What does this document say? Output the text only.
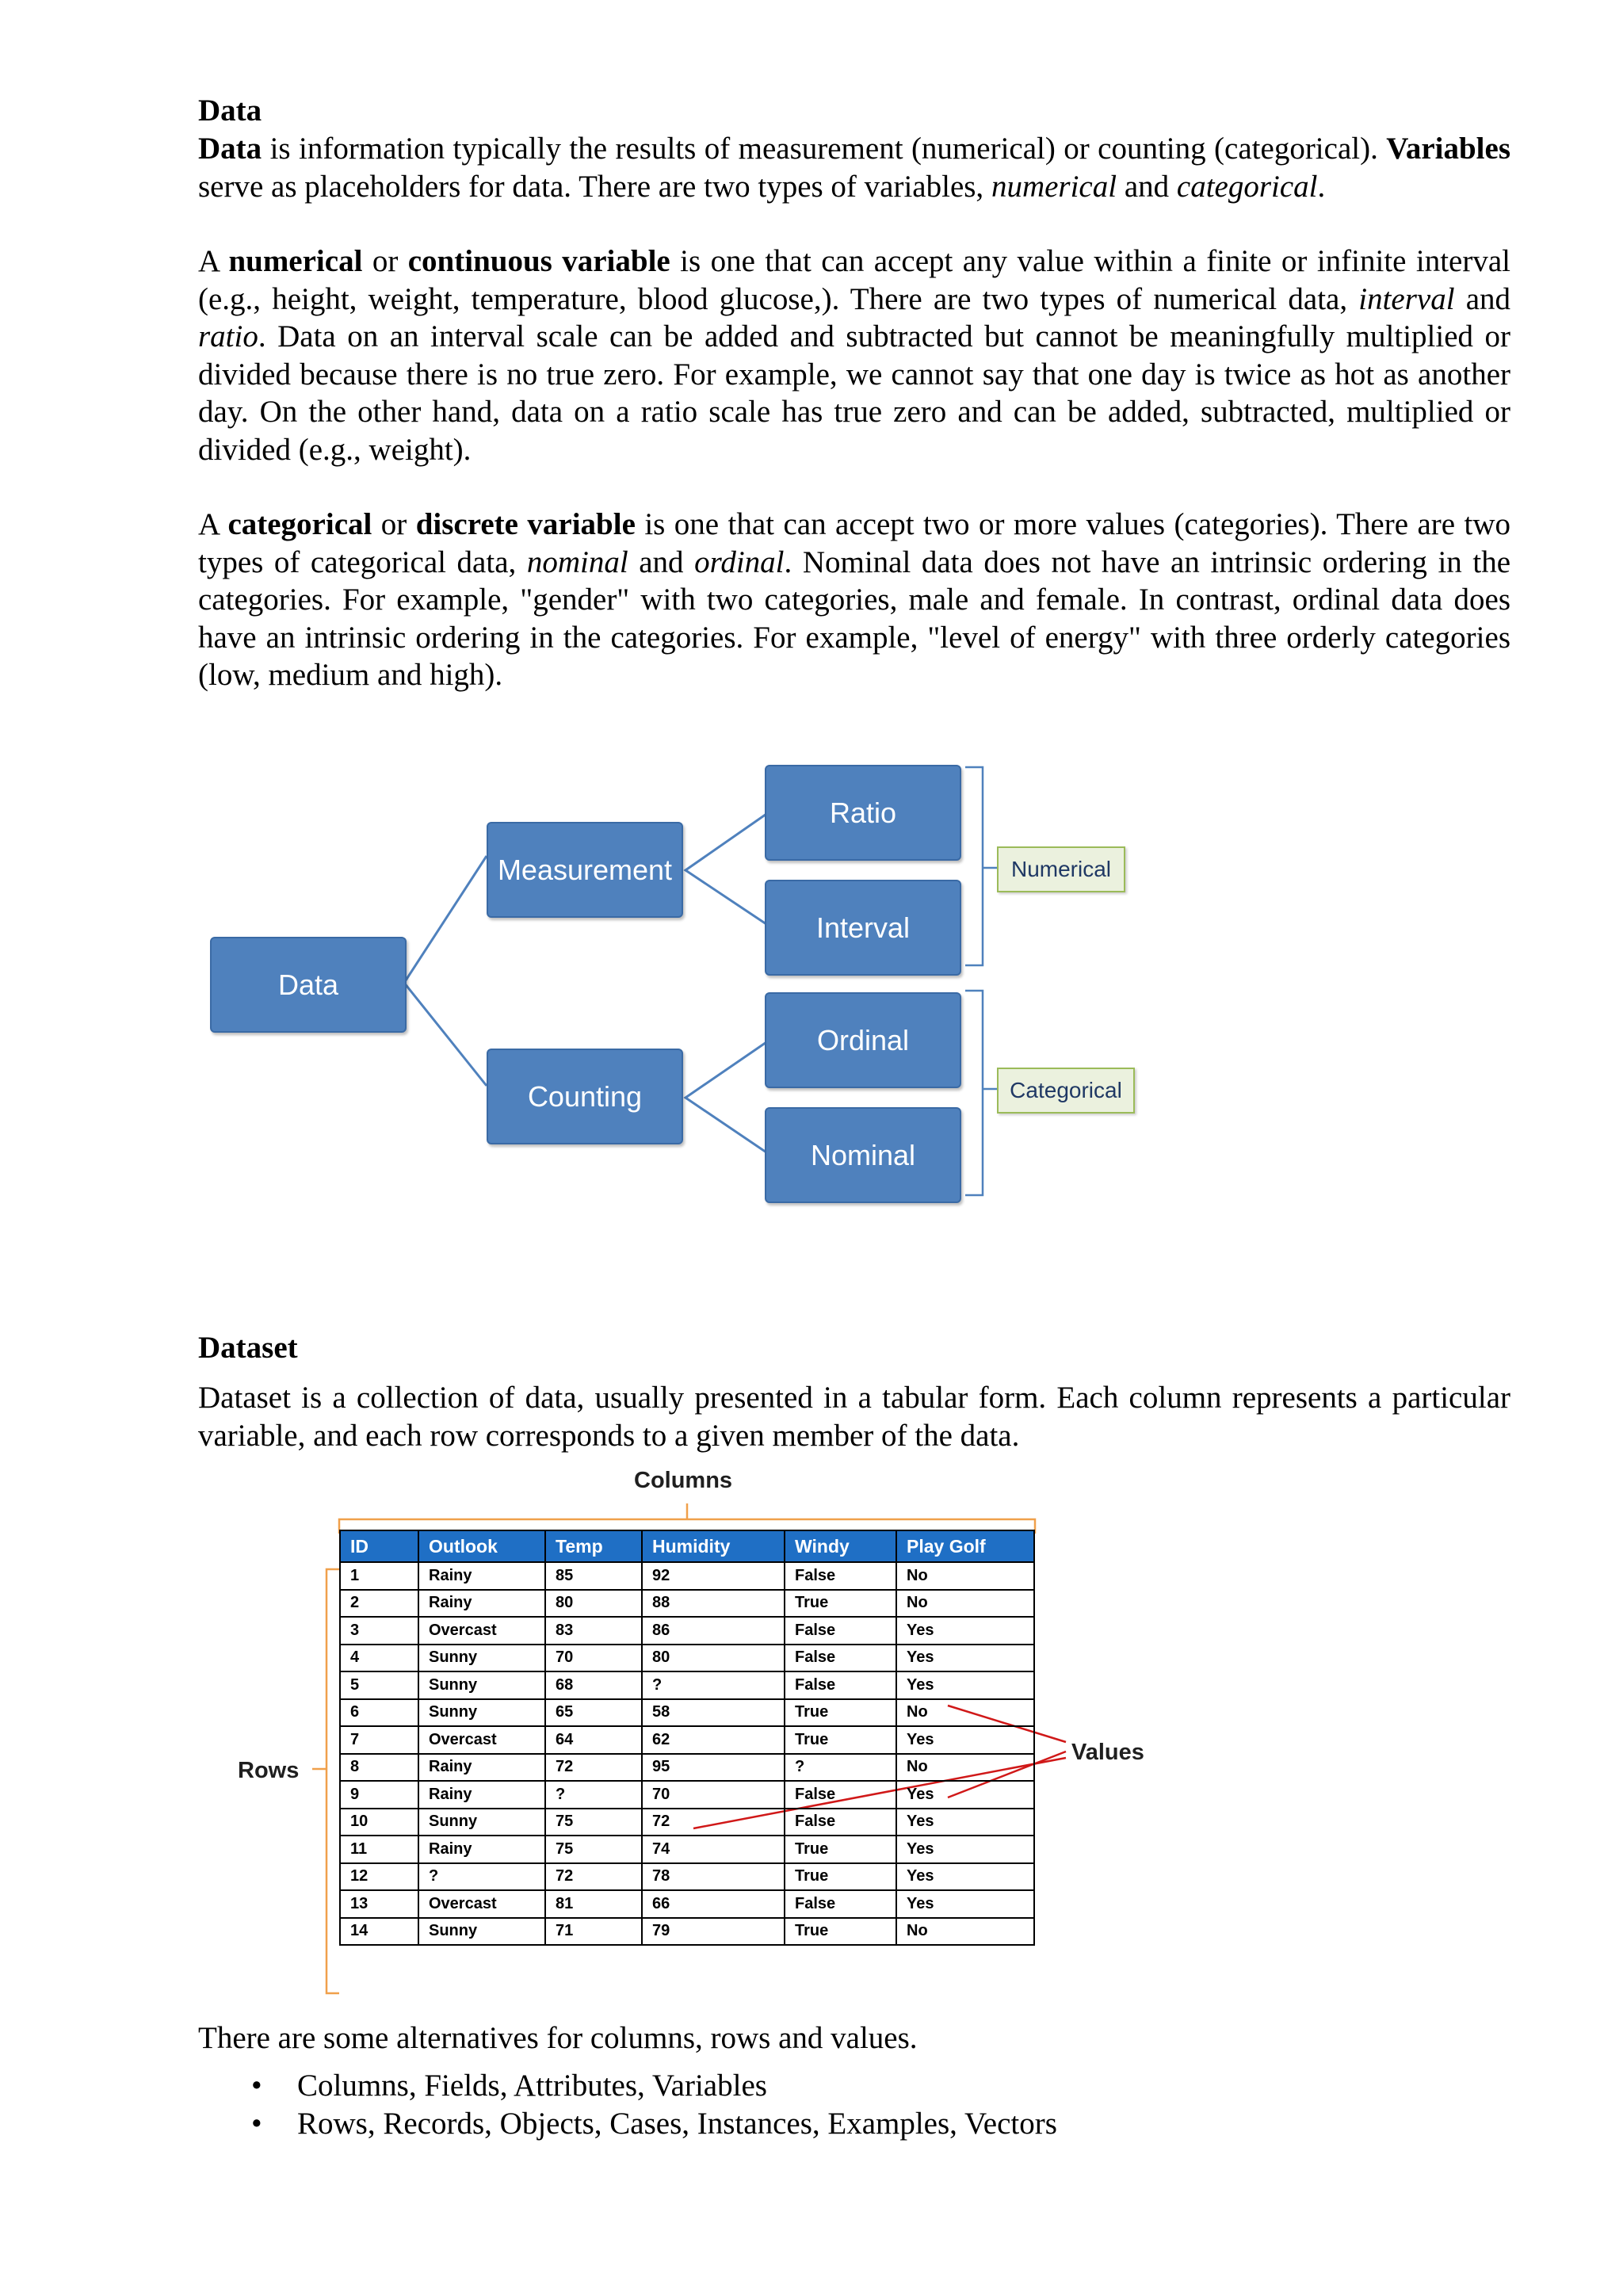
Data

Data is information typically the results of measurement (numerical) or counting (categorical). Variables serve as placeholders for data. There are two types of variables, numerical and categorical.

A numerical or continuous variable is one that can accept any value within a finite or infinite interval (e.g., height, weight, temperature, blood glucose,). There are two types of numerical data, interval and ratio. Data on an interval scale can be added and subtracted but cannot be meaningfully multiplied or divided because there is no true zero. For example, we cannot say that one day is twice as hot as another day. On the other hand, data on a ratio scale has true zero and can be added, subtracted, multiplied or divided (e.g., weight).

A categorical or discrete variable is one that can accept two or more values (categories). There are two types of categorical data, nominal and ordinal. Nominal data does not have an intrinsic ordering in the categories. For example, "gender" with two categories, male and female. In contrast, ordinal data does have an intrinsic ordering in the categories. For example, "level of energy" with three orderly categories (low, medium and high).

Data
Measurement
Counting
Ratio
Interval
Ordinal
Nominal
Numerical
Categorical
Dataset

Dataset is a collection of data, usually presented in a tabular form. Each column represents a particular variable, and each row corresponds to a given member of the data.

Columns
Rows
Values
ID	Outlook	Temp	Humidity	Windy	Play Golf
1	Rainy	85	92	False	No
2	Rainy	80	88	True	No
3	Overcast	83	86	False	Yes
4	Sunny	70	80	False	Yes
5	Sunny	68	?	False	Yes
6	Sunny	65	58	True	No
7	Overcast	64	62	True	Yes
8	Rainy	72	95	?	No
9	Rainy	?	70	False	Yes
10	Sunny	75	72	False	Yes
11	Rainy	75	74	True	Yes
12	?	72	78	True	Yes
13	Overcast	81	66	False	Yes
14	Sunny	71	79	True	No

There are some alternatives for columns, rows and values.

• Columns, Fields, Attributes, Variables
• Rows, Records, Objects, Cases, Instances, Examples, Vectors
